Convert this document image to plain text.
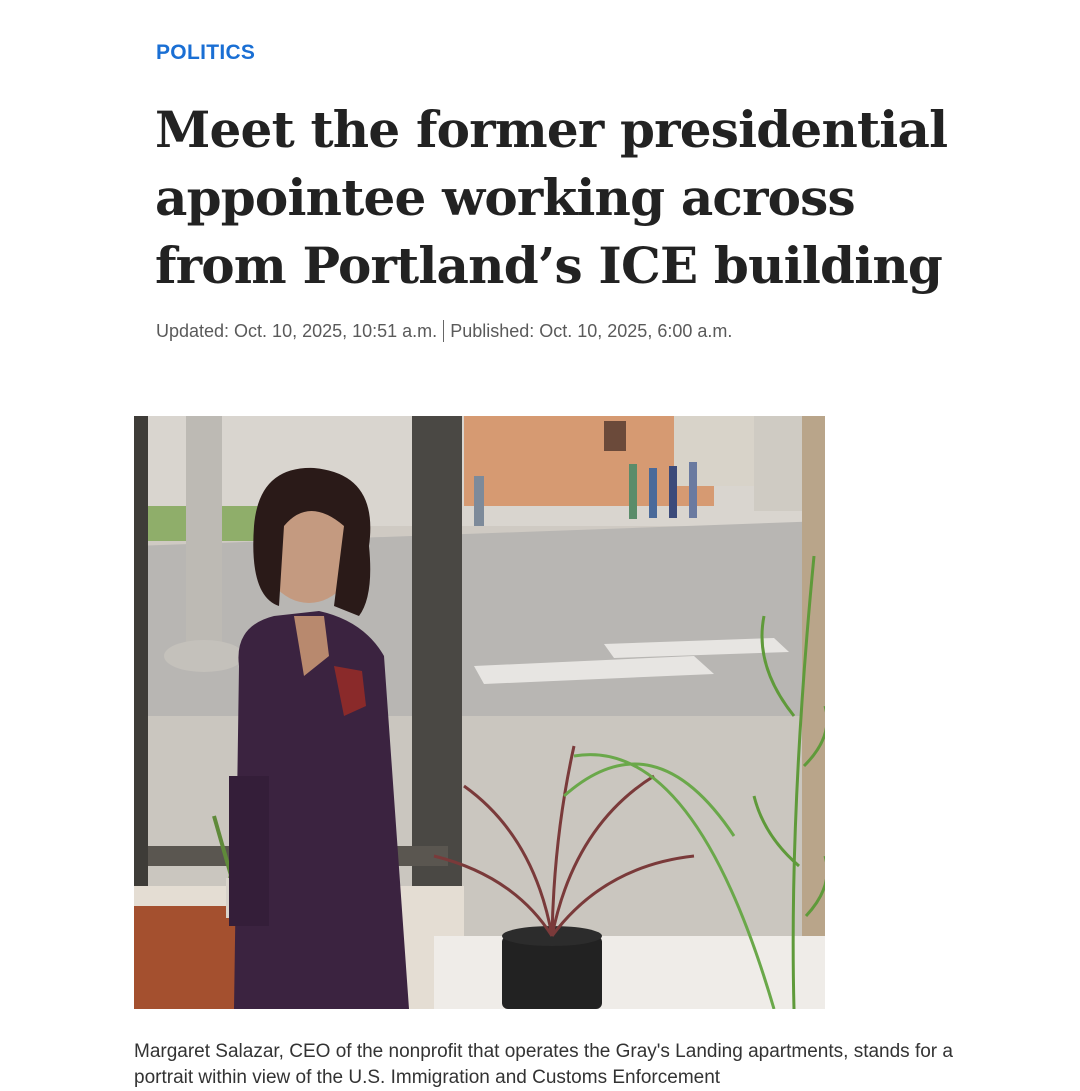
POLITICS
Meet the former presidential appointee working across from Portland’s ICE building
Updated: Oct. 10, 2025, 10:51 a.m. Published: Oct. 10, 2025, 6:00 a.m.

Margaret Salazar, CEO of the nonprofit that operates the Gray's Landing apartments, stands for a portrait within view of the U.S. Immigration and Customs Enforcement
